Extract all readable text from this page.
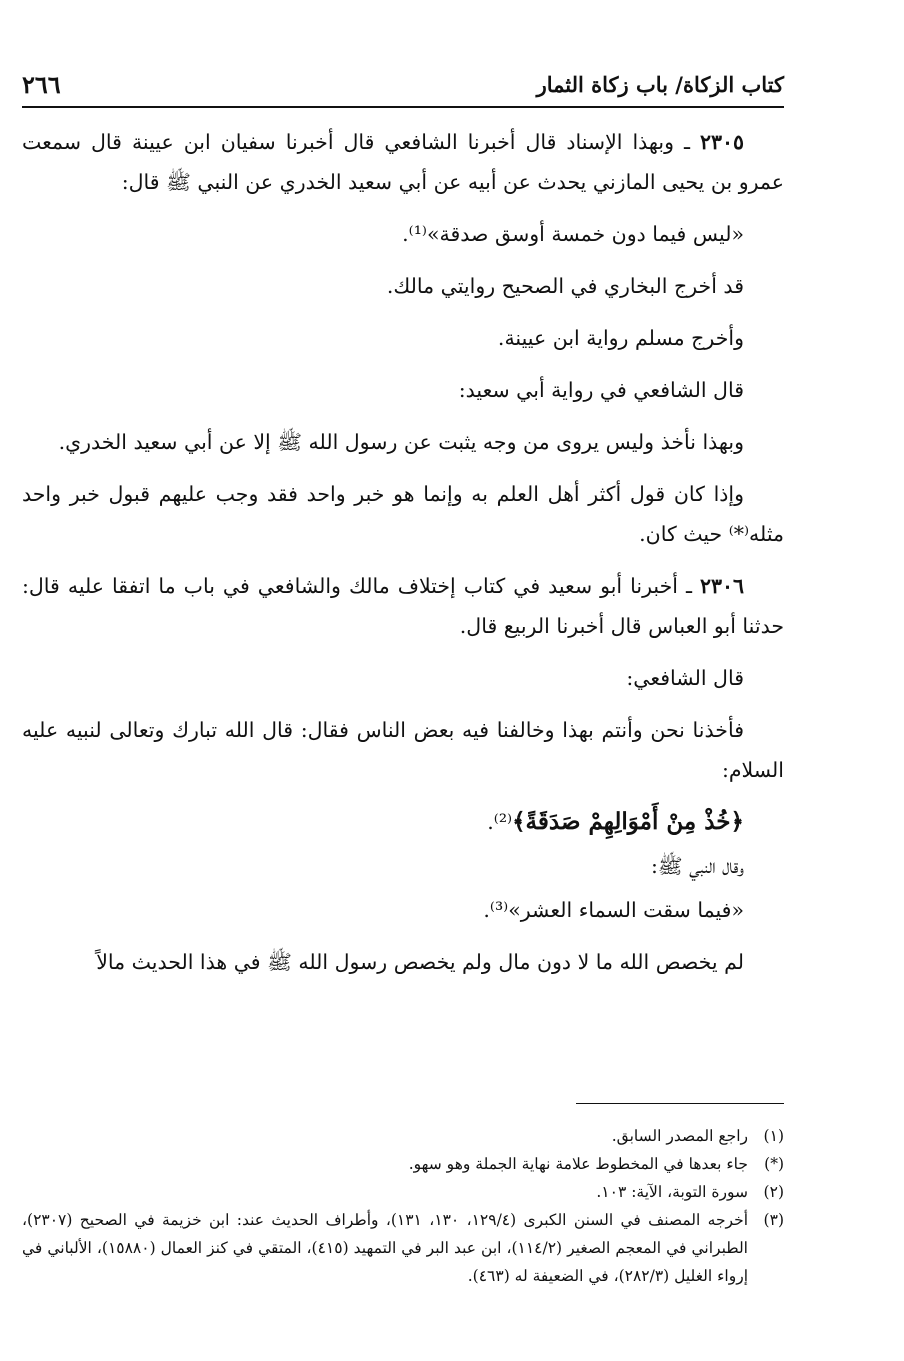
كتاب الزكاة/ باب زكاة الثمار
٢٦٦

٢٣٠٥ ـ وبهذا الإسناد قال أخبرنا الشافعي قال أخبرنا سفيان ابن عيينة قال سمعت عمرو بن يحيى المازني يحدث عن أبيه عن أبي سعيد الخدري عن النبي ﷺ قال:

«ليس فيما دون خمسة أوسق صدقة»⁽¹⁾.

قد أخرج البخاري في الصحيح روايتي مالك.

وأخرج مسلم رواية ابن عيينة.

قال الشافعي في رواية أبي سعيد:

وبهذا نأخذ وليس يروى من وجه يثبت عن رسول الله ﷺ إلا عن أبي سعيد الخدري.

وإذا كان قول أكثر أهل العلم به وإنما هو خبر واحد فقد وجب عليهم قبول خبر واحد مثله⁽*⁾ حيث كان.

٢٣٠٦ ـ أخبرنا أبو سعيد في كتاب إختلاف مالك والشافعي في باب ما اتفقا عليه قال: حدثنا أبو العباس قال أخبرنا الربيع قال.

قال الشافعي:

فأخذنا نحن وأنتم بهذا وخالفنا فيه بعض الناس فقال: قال الله تبارك وتعالى لنبيه عليه السلام:

﴿خُذْ مِنْ أَمْوَالِهِمْ صَدَقَةً﴾⁽²⁾.

وقال النبي ﷺ:

«فيما سقت السماء العشر»⁽³⁾.

لم يخصص الله ما لا دون مال ولم يخصص رسول الله ﷺ في هذا الحديث مالاً

(١)
راجع المصدر السابق.
(*)
جاء بعدها في المخطوط علامة نهاية الجملة وهو سهو.
(٢)
سورة التوبة، الآية: ١٠٣.
(٣)
أخرجه المصنف في السنن الكبرى (١٢٩/٤، ١٣٠، ١٣١)، وأطراف الحديث عند: ابن خزيمة في الصحيح (٢٣٠٧)، الطبراني في المعجم الصغير (١١٤/٢)، ابن عبد البر في التمهيد (٤١٥)، المتقي في كنز العمال (١٥٨٨٠)، الألباني في إرواء الغليل (٢٨٢/٣)، في الضعيفة له (٤٦٣).
